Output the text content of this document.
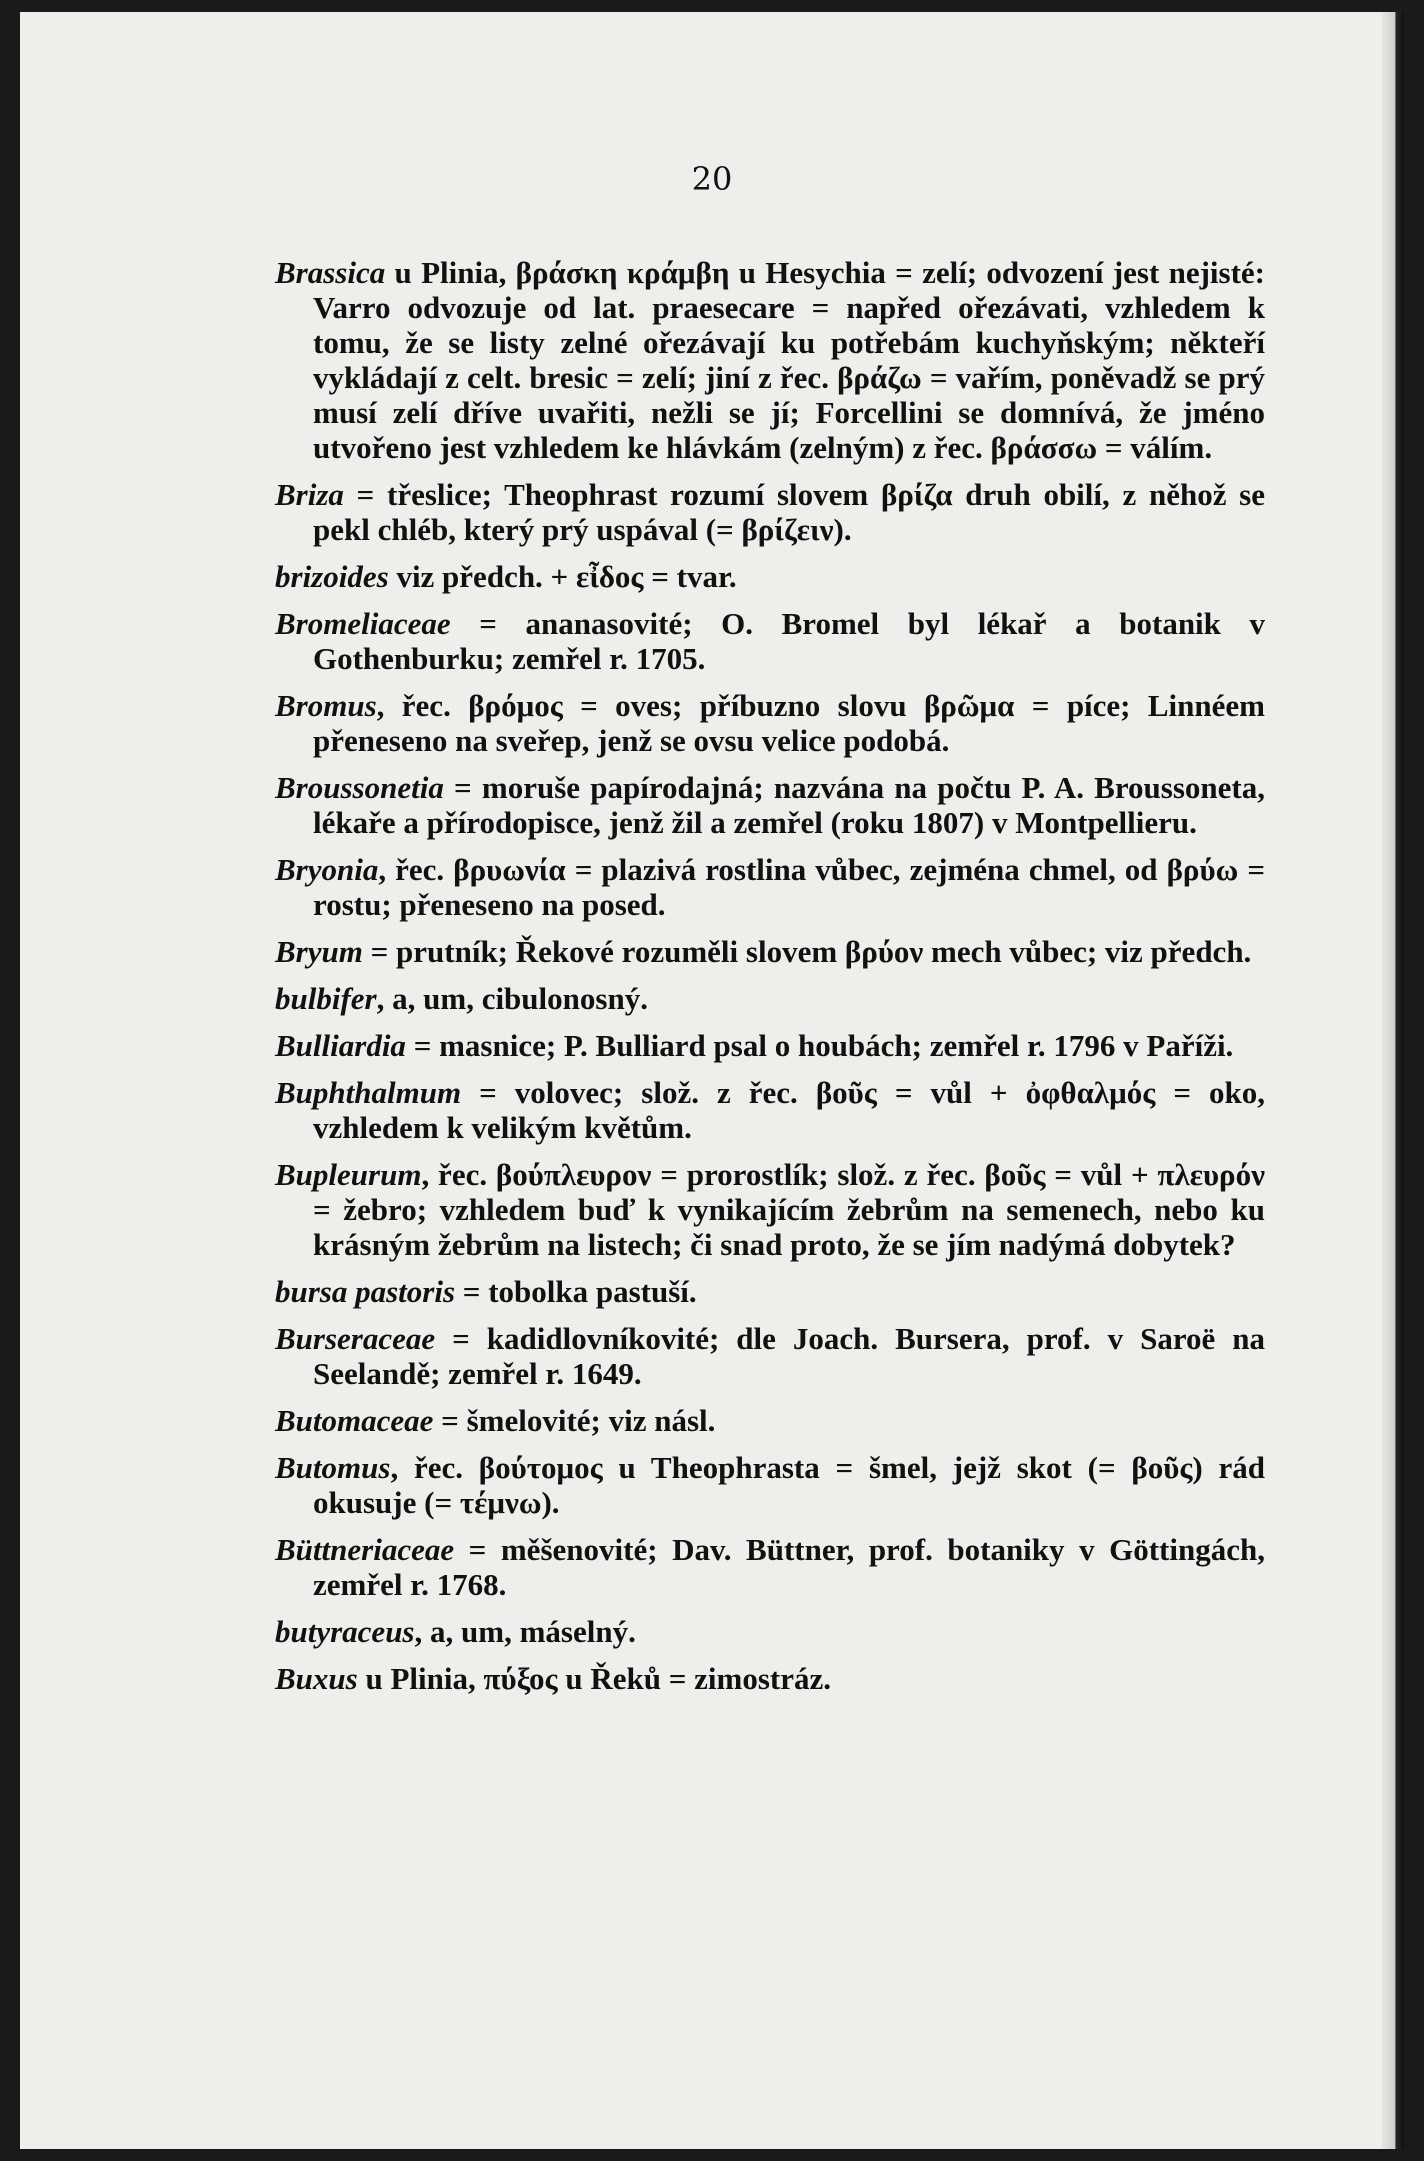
20

Brassica u Plinia, βράσκη κράμβη u Hesychia = zelí; odvození jest nejisté: Varro odvozuje od lat. praesecare = napřed ořezávati, vzhledem k tomu, že se listy zelné ořezávají ku potřebám kuchyňským; někteří vykládají z celt. bresic = zelí; jiní z řec. βράζω = vařím, poněvadž se prý musí zelí dříve uvařiti, nežli se jí; Forcellini se domnívá, že jméno utvořeno jest vzhledem ke hlávkám (zelným) z řec. βράσσω = válím.

Briza = třeslice; Theophrast rozumí slovem βρίζα druh obilí, z něhož se pekl chléb, který prý uspával (= βρίζειν).

brizoides viz předch. + εἶδος = tvar.

Bromeliaceae = ananasovité; O. Bromel byl lékař a botanik v Gothenburku; zemřel r. 1705.

Bromus, řec. βρόμος = oves; příbuzno slovu βρῶμα = píce; Linnéem přeneseno na sveřep, jenž se ovsu velice podobá.

Broussonetia = moruše papírodajná; nazvána na počtu P. A. Broussoneta, lékaře a přírodopisce, jenž žil a zemřel (roku 1807) v Montpellieru.

Bryonia, řec. βρυωνία = plazivá rostlina vůbec, zejména chmel, od βρύω = rostu; přeneseno na posed.

Bryum = prutník; Řekové rozuměli slovem βρύον mech vůbec; viz předch.

bulbifer, a, um, cibulonosný.

Bulliardia = masnice; P. Bulliard psal o houbách; zemřel r. 1796 v Paříži.

Buphthalmum = volovec; slož. z řec. βοῦς = vůl + ὀφθαλμός = oko, vzhledem k velikým květům.

Bupleurum, řec. βούπλευρον = prorostlík; slož. z řec. βοῦς = vůl + πλευρόν = žebro; vzhledem buď k vynikajícím žebrům na semenech, nebo ku krásným žebrům na listech; či snad proto, že se jím nadýmá dobytek?

bursa pastoris = tobolka pastuší.

Burseraceae = kadidlovníkovité; dle Joach. Bursera, prof. v Saroë na Seelandě; zemřel r. 1649.

Butomaceae = šmelovité; viz násl.

Butomus, řec. βούτομος u Theophrasta = šmel, jejž skot (= βοῦς) rád okusuje (= τέμνω).

Büttneriaceae = měšenovité; Dav. Büttner, prof. botaniky v Göttingách, zemřel r. 1768.

butyraceus, a, um, máselný.

Buxus u Plinia, πύξος u Řeků = zimostráz.
